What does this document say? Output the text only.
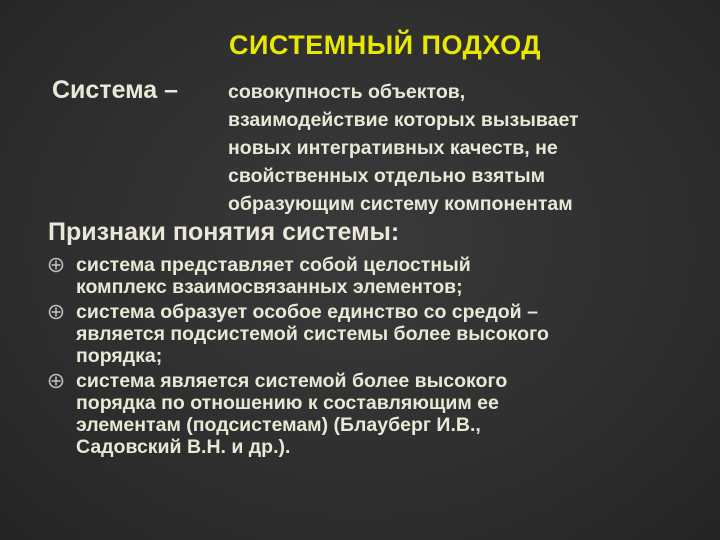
СИСТЕМНЫЙ ПОДХОД
Система –	совокупность объектов,
взаимодействие которых вызывает
новых интегративных качеств, не
свойственных отдельно взятым
образующим систему компонентам
Признаки понятия системы:
система представляет собой целостный
комплекс взаимосвязанных элементов;
система образует особое единство со средой –
является подсистемой системы более высокого
порядка;
система является системой более высокого
порядка по отношению к составляющим ее
элементам (подсистемам) (Блауберг И.В.,
Садовский В.Н. и др.).
